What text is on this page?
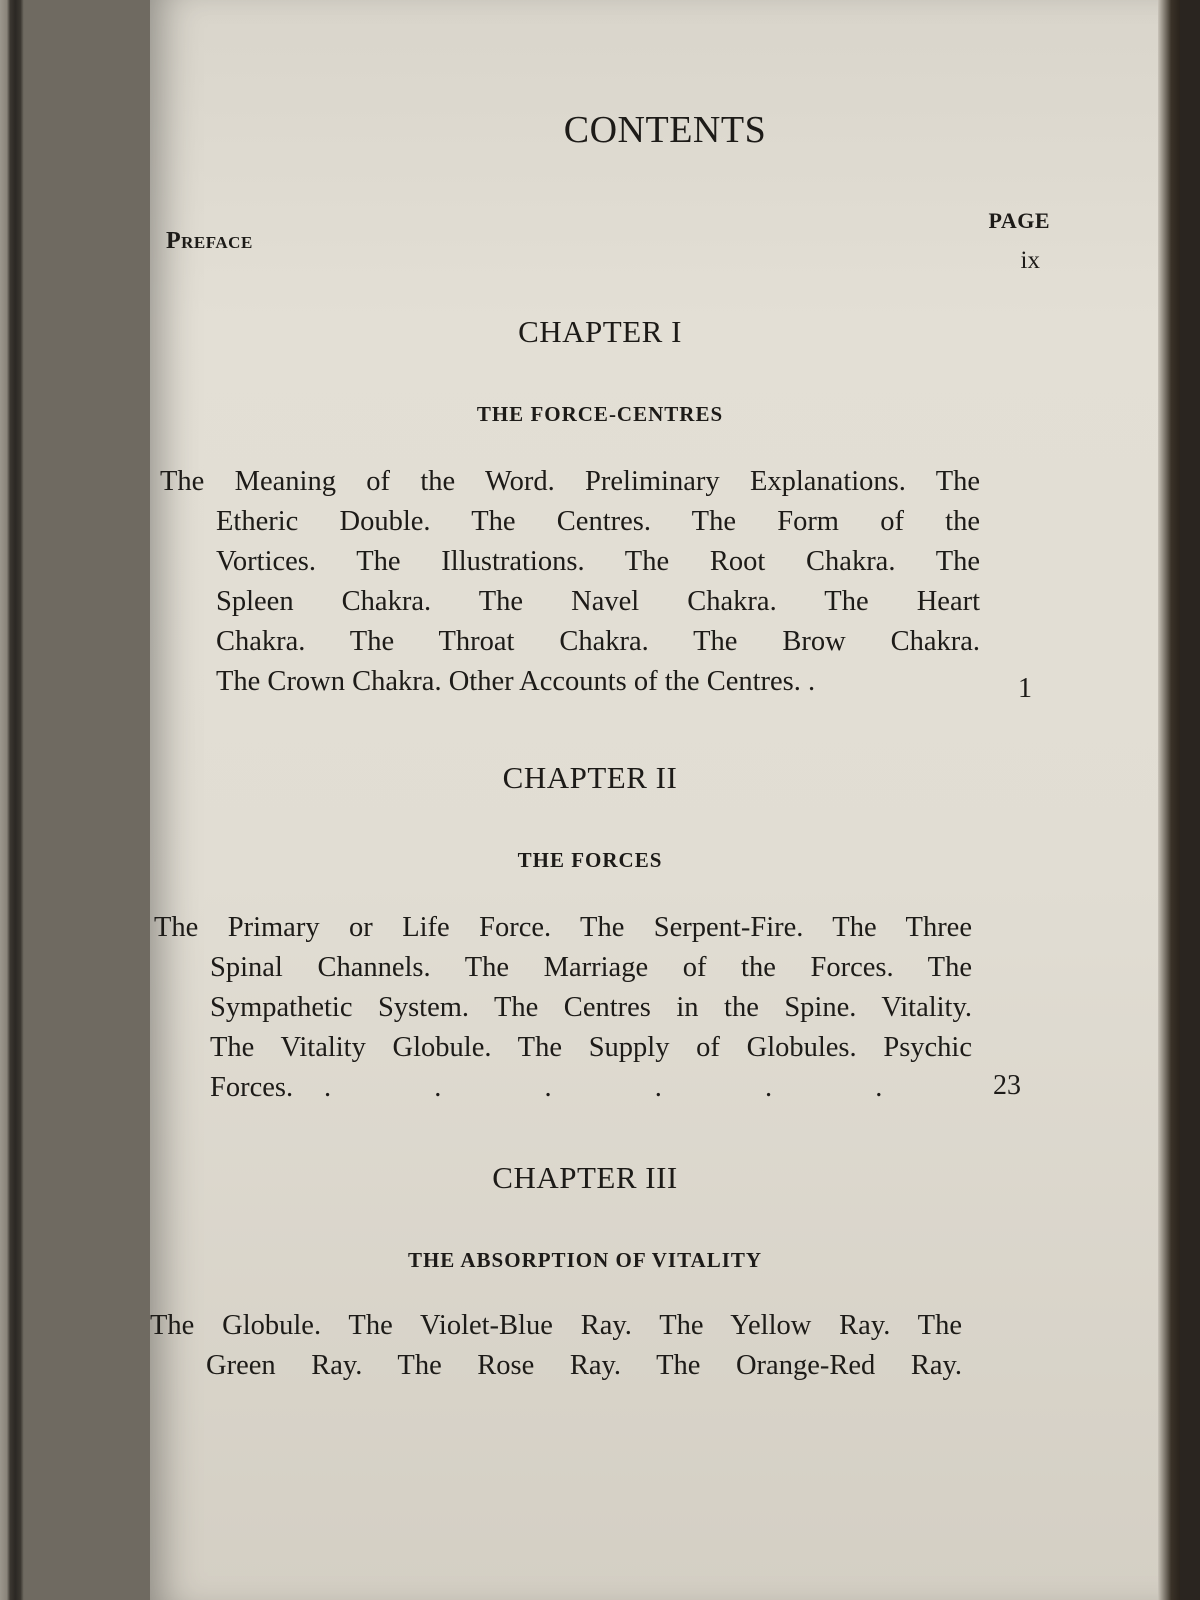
CONTENTS
PAGE
Preface
ix
CHAPTER I
THE FORCE-CENTRES
The Meaning of the Word. Preliminary Explanations. The
Etheric Double. The Centres. The Form of the
Vortices. The Illustrations. The Root Chakra. The
Spleen Chakra. The Navel Chakra. The Heart
Chakra. The Throat Chakra. The Brow Chakra.
The Crown Chakra. Other Accounts of the Centres. .	1
CHAPTER II
THE FORCES
The Primary or Life Force. The Serpent-Fire. The Three
Spinal Channels. The Marriage of the Forces. The
Sympathetic System. The Centres in the Spine. Vitality.
The Vitality Globule. The Supply of Globules. Psychic
Forces. . . . . . .	23
CHAPTER III
THE ABSORPTION OF VITALITY
The Globule. The Violet-Blue Ray. The Yellow Ray. The
Green Ray. The Rose Ray. The Orange-Red Ray.
